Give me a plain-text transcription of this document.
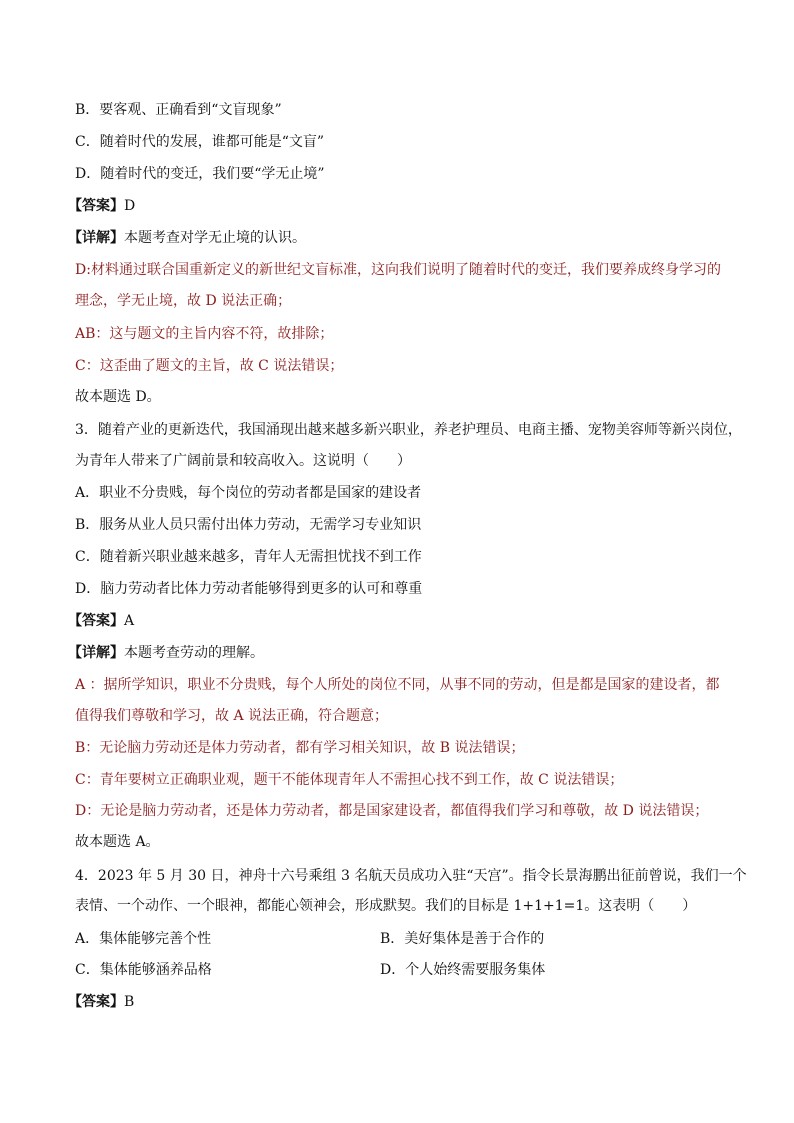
B．要客观、正确看到“文盲现象”
C．随着时代的发展，谁都可能是“文盲”
D．随着时代的变迁，我们要“学无止境”
【答案】D
【详解】本题考查对学无止境的认识。
D:材料通过联合国重新定义的新世纪文盲标准，这向我们说明了随着时代的变迁，我们要养成终身学习的
理念，学无止境，故 D 说法正确；
AB：这与题文的主旨内容不符，故排除；
C：这歪曲了题文的主旨，故 C 说法错误；
故本题选 D。
3．随着产业的更新迭代，我国涌现出越来越多新兴职业，养老护理员、电商主播、宠物美容师等新兴岗位，
为青年人带来了广阔前景和较高收入。这说明（　　）
A．职业不分贵贱，每个岗位的劳动者都是国家的建设者
B．服务从业人员只需付出体力劳动，无需学习专业知识
C．随着新兴职业越来越多，青年人无需担忧找不到工作
D．脑力劳动者比体力劳动者能够得到更多的认可和尊重
【答案】A
【详解】本题考查劳动的理解。
A ：据所学知识，职业不分贵贱，每个人所处的岗位不同，从事不同的劳动，但是都是国家的建设者，都
值得我们尊敬和学习，故 A 说法正确，符合题意；
B：无论脑力劳动还是体力劳动者，都有学习相关知识，故 B 说法错误；
C：青年要树立正确职业观，题干不能体现青年人不需担心找不到工作，故 C 说法错误；
D：无论是脑力劳动者，还是体力劳动者，都是国家建设者，都值得我们学习和尊敬，故 D 说法错误；
故本题选 A。
4．2023 年 5 月 30 日，神舟十六号乘组 3 名航天员成功入驻“天宫”。指令长景海鹏出征前曾说，我们一个
表情、一个动作、一个眼神，都能心领神会，形成默契。我们的目标是 1+1+1=1。这表明（　　）
A．集体能够完善个性	B．美好集体是善于合作的
C．集体能够涵养品格	D．个人始终需要服务集体
【答案】B
